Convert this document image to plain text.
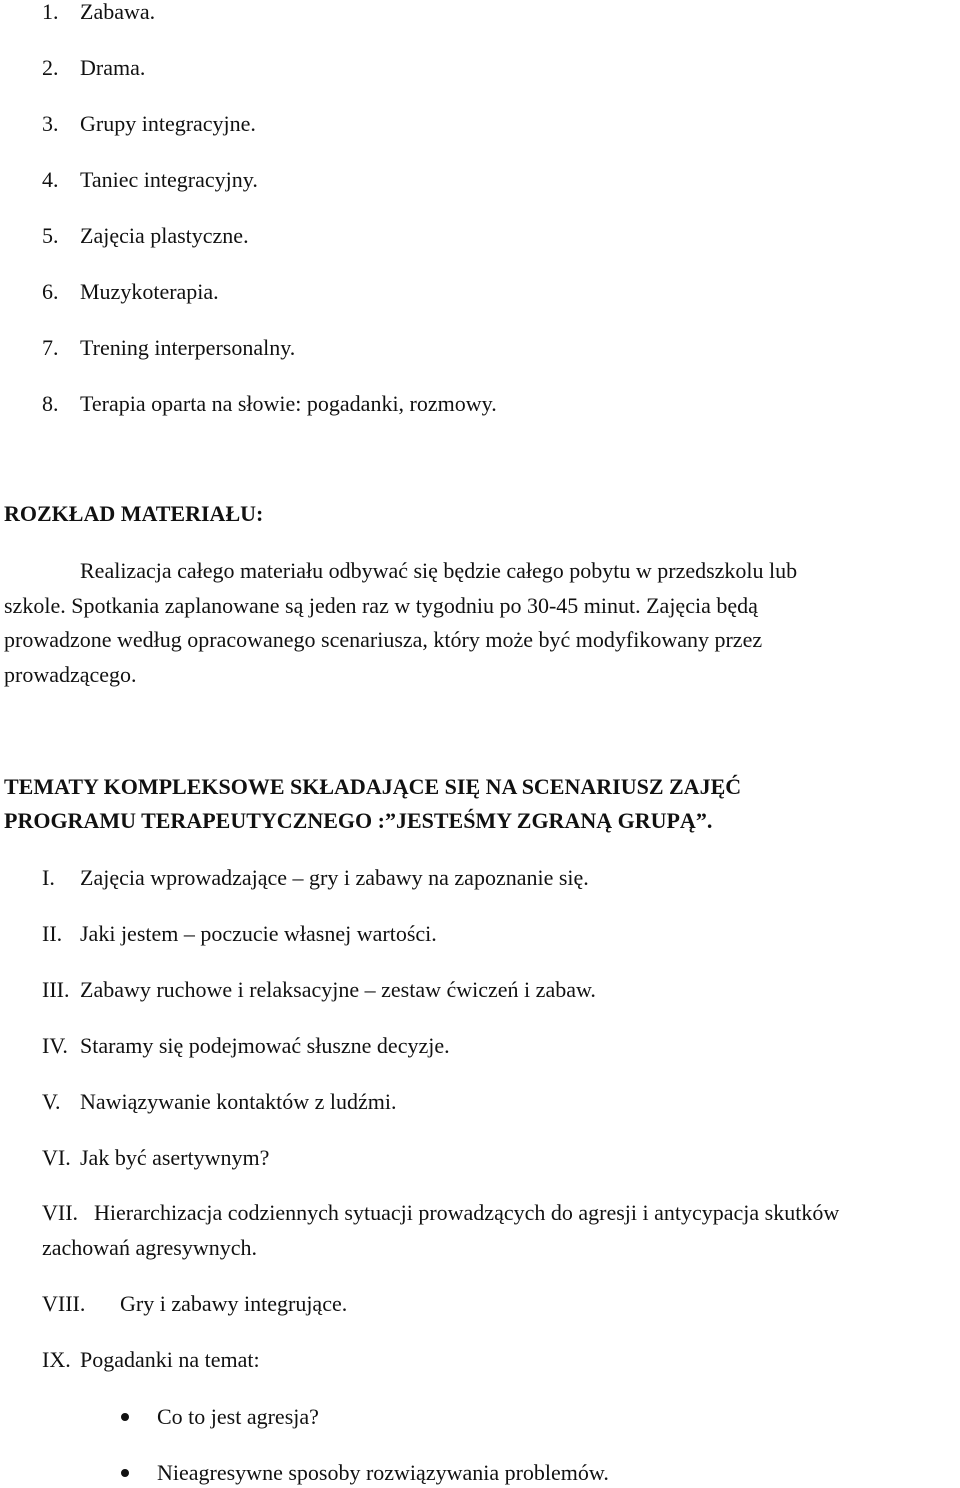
1. Zabawa.
2. Drama.
3. Grupy integracyjne.
4. Taniec integracyjny.
5. Zajęcia plastyczne.
6. Muzykoterapia.
7. Trening interpersonalny.
8. Terapia oparta na słowie: pogadanki, rozmowy.
ROZKŁAD MATERIAŁU:
Realizacja całego materiału odbywać się będzie całego pobytu w przedszkolu lub
szkole. Spotkania zaplanowane są jeden raz w tygodniu po 30-45 minut. Zajęcia będą
prowadzone według opracowanego scenariusza, który może być modyfikowany przez
prowadzącego.
TEMATY KOMPLEKSOWE SKŁADAJĄCE SIĘ NA SCENARIUSZ ZAJĘĆ
PROGRAMU TERAPEUTYCZNEGO :”JESTEŚMY ZGRANĄ GRUPĄ”.
I. Zajęcia wprowadzające – gry i zabawy na zapoznanie się.
II. Jaki jestem – poczucie własnej wartości.
III. Zabawy ruchowe i relaksacyjne – zestaw ćwiczeń i zabaw.
IV. Staramy się podejmować słuszne decyzje.
V. Nawiązywanie kontaktów z ludźmi.
VI. Jak być asertywnym?
VII. Hierarchizacja codziennych sytuacji prowadzących do agresji i antycypacja skutków
zachowań agresywnych.
VIII. Gry i zabawy integrujące.
IX. Pogadanki na temat:
Co to jest agresja?
Nieagresywne sposoby rozwiązywania problemów.
